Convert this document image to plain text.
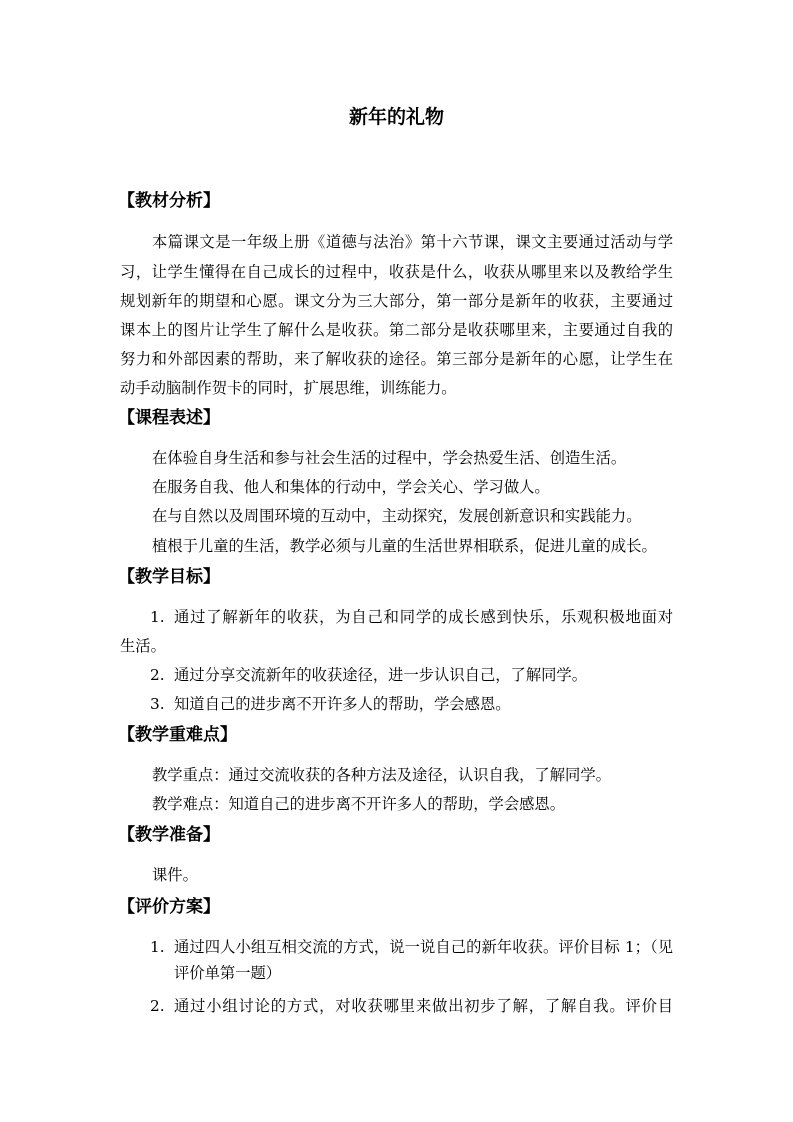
新年的礼物
【教材分析】
本篇课文是一年级上册《道德与法治》第十六节课，课文主要通过活动与学
习，让学生懂得在自己成长的过程中，收获是什么，收获从哪里来以及教给学生
规划新年的期望和心愿。课文分为三大部分，第一部分是新年的收获，主要通过
课本上的图片让学生了解什么是收获。第二部分是收获哪里来，主要通过自我的
努力和外部因素的帮助，来了解收获的途径。第三部分是新年的心愿，让学生在
动手动脑制作贺卡的同时，扩展思维，训练能力。
【课程表述】
在体验自身生活和参与社会生活的过程中，学会热爱生活、创造生活。
在服务自我、他人和集体的行动中，学会关心、学习做人。
在与自然以及周围环境的互动中，主动探究，发展创新意识和实践能力。
植根于儿童的生活，教学必须与儿童的生活世界相联系，促进儿童的成长。
【教学目标】
1. 通过了解新年的收获，为自己和同学的成长感到快乐，乐观积极地面对
生活。
2. 通过分享交流新年的收获途径，进一步认识自己，了解同学。
3. 知道自己的进步离不开许多人的帮助，学会感恩。
【教学重难点】
教学重点：通过交流收获的各种方法及途径，认识自我，了解同学。
教学难点：知道自己的进步离不开许多人的帮助，学会感恩。
【教学准备】
课件。
【评价方案】
1. 通过四人小组互相交流的方式，说一说自己的新年收获。评价目标 1；（见
评价单第一题）
2. 通过小组讨论的方式，对收获哪里来做出初步了解，了解自我。评价目
